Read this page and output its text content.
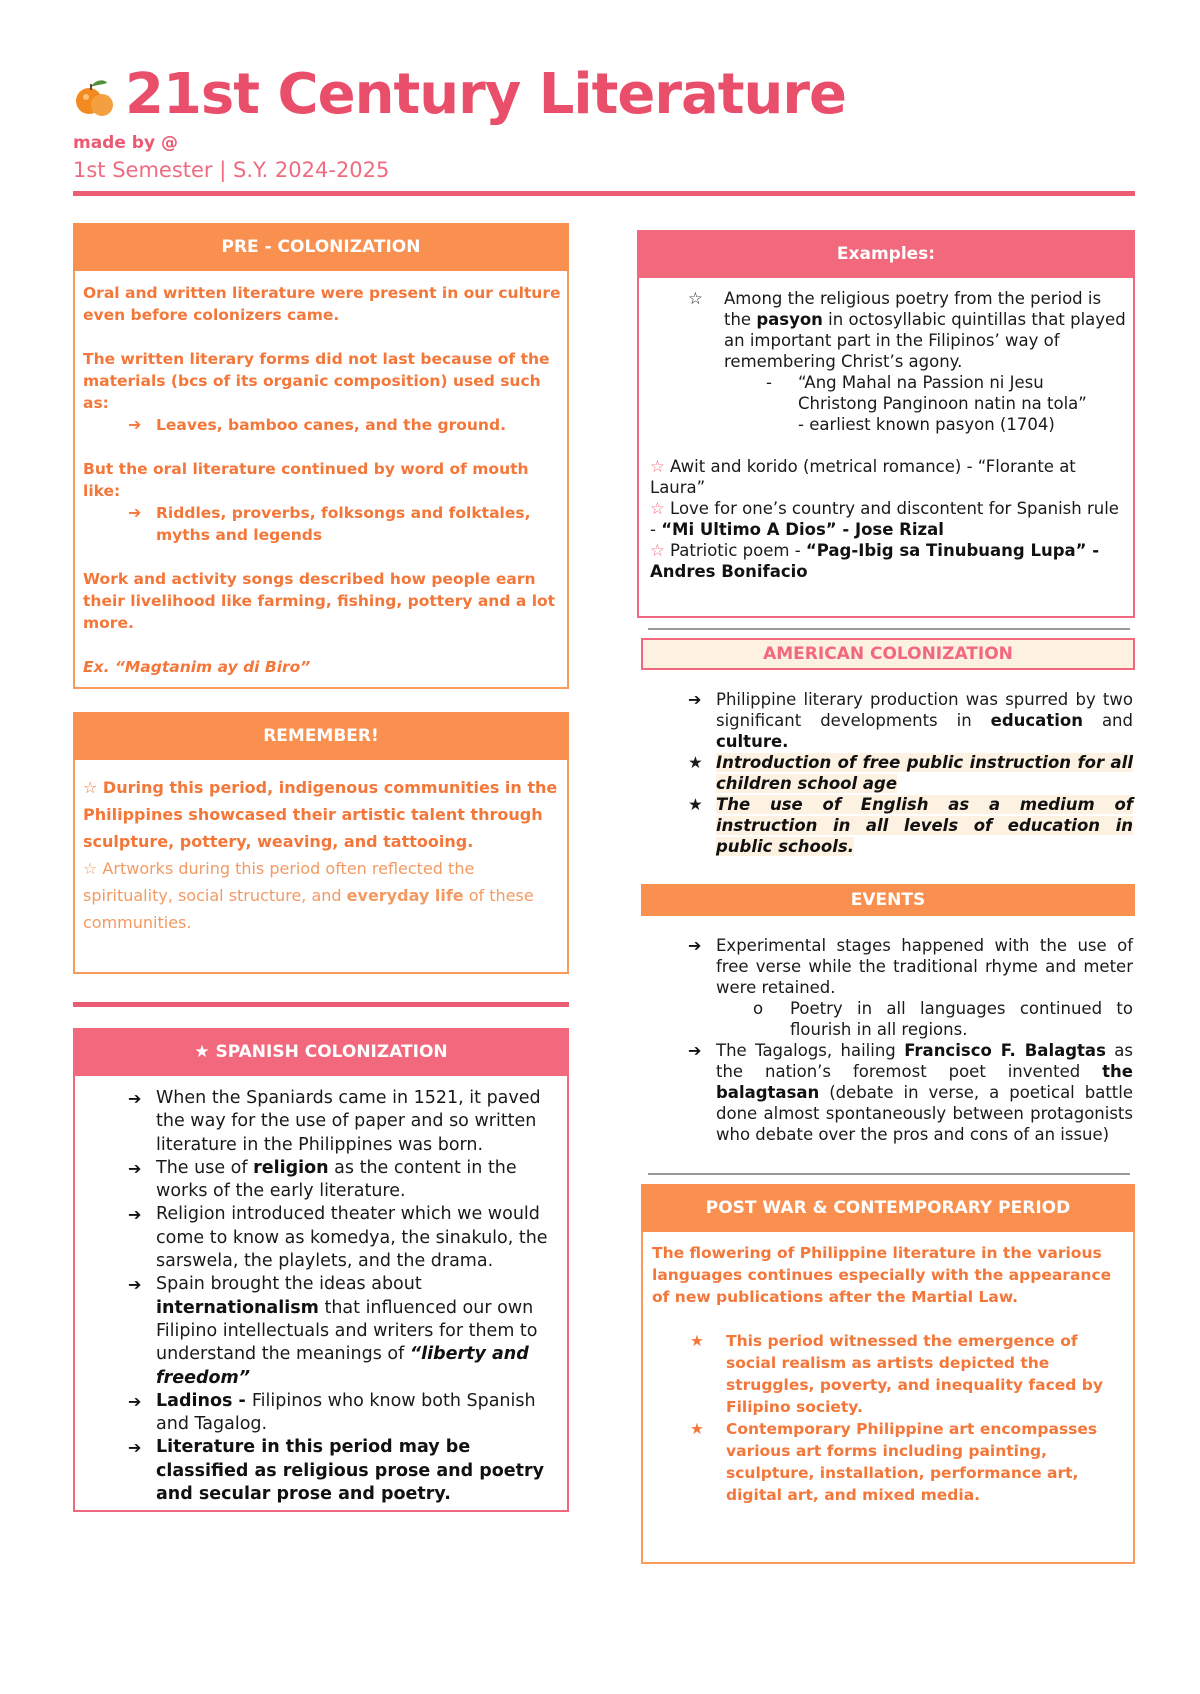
21st Century Literature
made by @
1st Semester | S.Y. 2024-2025
PRE - COLONIZATION

Oral and written literature were present in our culture even before colonizers came.

The written literary forms did not last because of the materials (bcs of its organic composition) used such as:

➔ Leaves, bamboo canes, and the ground.

But the oral literature continued by word of mouth like:

➔ Riddles, proverbs, folksongs and folktales, myths and legends

Work and activity songs described how people earn their livelihood like farming, fishing, pottery and a lot more.

Ex. “Magtanim ay di Biro”

REMEMBER!

☆ During this period, indigenous communities in the Philippines showcased their artistic talent through sculpture, pottery, weaving, and tattooing.

☆ Artworks during this period often reflected the spirituality, social structure, and everyday life of these communities.

★ SPANISH COLONIZATION
➔ When the Spaniards came in 1521, it paved the way for the use of paper and so written literature in the Philippines was born.
➔ The use of religion as the content in the works of the early literature.
➔ Religion introduced theater which we would come to know as komedya, the sinakulo, the sarswela, the playlets, and the drama.
➔ Spain brought the ideas about internationalism that influenced our own Filipino intellectuals and writers for them to understand the meanings of “liberty and freedom”
➔ Ladinos - Filipinos who know both Spanish and Tagalog.
➔ Literature in this period may be classified as religious prose and poetry and secular prose and poetry.
Examples:
☆ Among the religious poetry from the period is the pasyon in octosyllabic quintillas that played an important part in the Filipinos’ way of remembering Christ’s agony.
- “Ang Mahal na Passion ni Jesu Christong Panginoon natin na tola”

- earliest known pasyon (1704)

☆ Awit and korido (metrical romance) - “Florante at Laura”

☆ Love for one’s country and discontent for Spanish rule - “Mi Ultimo A Dios” - Jose Rizal

☆ Patriotic poem - “Pag-Ibig sa Tinubuang Lupa” - Andres Bonifacio

AMERICAN COLONIZATION
➔ Philippine literary production was spurred by two significant developments in education and culture.
★ Introduction of free public instruction for all children school age
★ The use of English as a medium of instruction in all levels of education in public schools.
EVENTS
➔ Experimental stages happened with the use of free verse while the traditional rhyme and meter were retained.
o Poetry in all languages continued to flourish in all regions.
➔ The Tagalogs, hailing Francisco F. Balagtas as the nation’s foremost poet invented the balagtasan (debate in verse, a poetical battle done almost spontaneously between protagonists who debate over the pros and cons of an issue)
POST WAR & CONTEMPORARY PERIOD

The flowering of Philippine literature in the various languages continues especially with the appearance of new publications after the Martial Law.

★ This period witnessed the emergence of social realism as artists depicted the struggles, poverty, and inequality faced by Filipino society.
★ Contemporary Philippine art encompasses various art forms including painting, sculpture, installation, performance art, digital art, and mixed media.
